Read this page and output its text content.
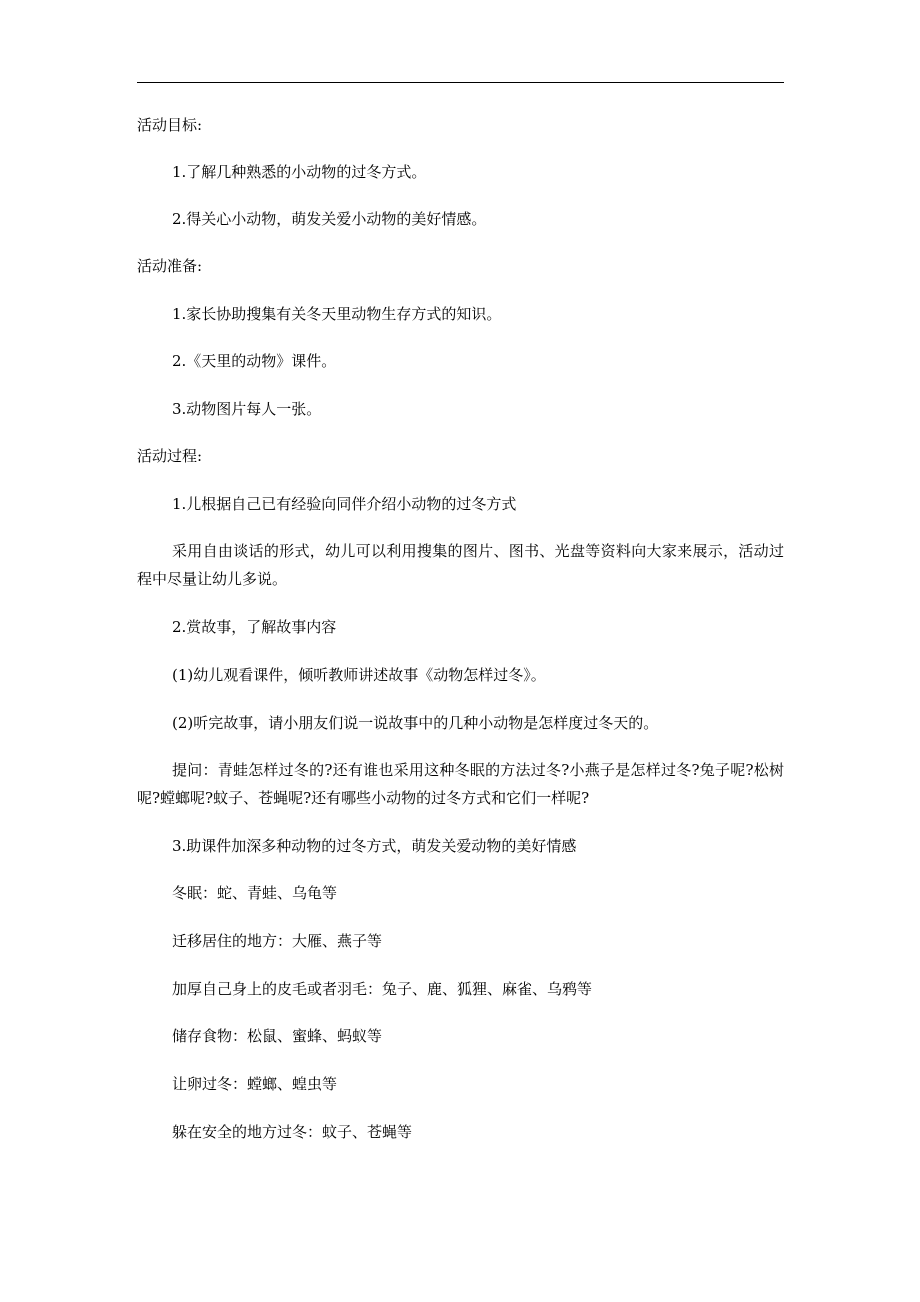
活动目标:
1.了解几种熟悉的小动物的过冬方式。
2.得关心小动物，萌发关爱小动物的美好情感。
活动准备:
1.家长协助搜集有关冬天里动物生存方式的知识。
2.《天里的动物》课件。
3.动物图片每人一张。
活动过程:
1.儿根据自己已有经验向同伴介绍小动物的过冬方式
采用自由谈话的形式，幼儿可以利用搜集的图片、图书、光盘等资料向大家来展示，活动过程中尽量让幼儿多说。
2.赏故事，了解故事内容
(1)幼儿观看课件，倾听教师讲述故事《动物怎样过冬》。
(2)听完故事，请小朋友们说一说故事中的几种小动物是怎样度过冬天的。
提问：青蛙怎样过冬的?还有谁也采用这种冬眠的方法过冬?小燕子是怎样过冬?兔子呢?松树呢?螳螂呢?蚊子、苍蝇呢?还有哪些小动物的过冬方式和它们一样呢?
3.助课件加深多种动物的过冬方式，萌发关爱动物的美好情感
冬眠：蛇、青蛙、乌龟等
迁移居住的地方：大雁、燕子等
加厚自己身上的皮毛或者羽毛：兔子、鹿、狐狸、麻雀、乌鸦等
储存食物：松鼠、蜜蜂、蚂蚁等
让卵过冬：螳螂、蝗虫等
躲在安全的地方过冬：蚊子、苍蝇等
